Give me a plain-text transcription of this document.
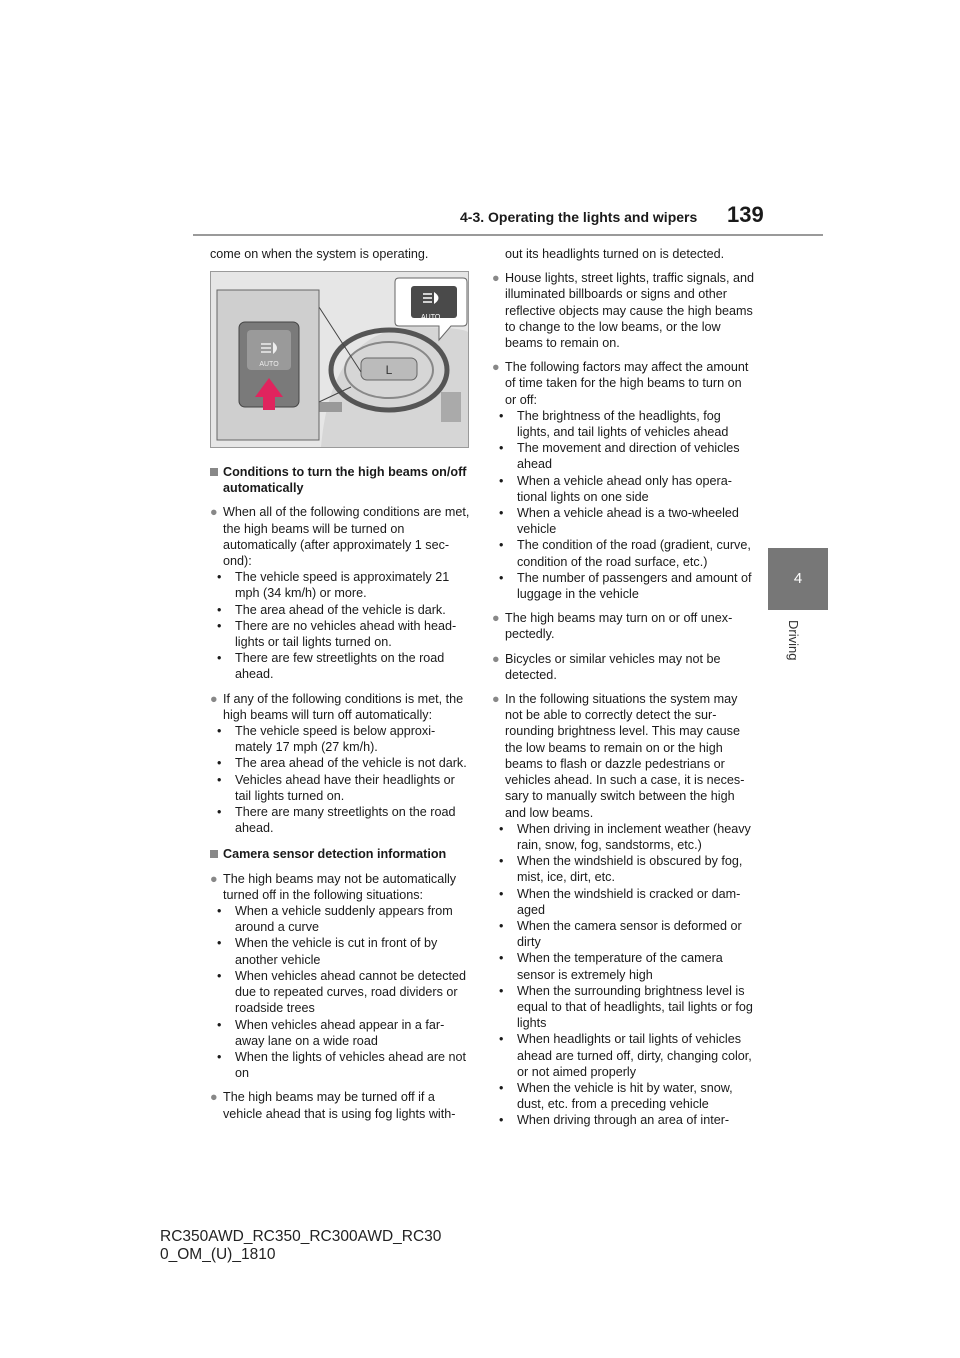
4-3. Operating the lights and wipers 139
4
Driving

come on when the system is operating.

L
AUTO
AUTO

Conditions to turn the high beams on/off automatically

● When all of the following conditions are met, the high beams will be turned on automatically (after approximately 1 sec-ond):

• The vehicle speed is approximately 21 mph (34 km/h) or more.

• The area ahead of the vehicle is dark.

• There are no vehicles ahead with head-lights or tail lights turned on.

• There are few streetlights on the road ahead.

● If any of the following conditions is met, the high beams will turn off automatically:

• The vehicle speed is below approxi-mately 17 mph (27 km/h).

• The area ahead of the vehicle is not dark.

• Vehicles ahead have their headlights or tail lights turned on.

• There are many streetlights on the road ahead.

Camera sensor detection information

● The high beams may not be automatically turned off in the following situations:

• When a vehicle suddenly appears from around a curve

• When the vehicle is cut in front of by another vehicle

• When vehicles ahead cannot be detected due to repeated curves, road dividers or roadside trees

• When vehicles ahead appear in a far-away lane on a wide road

• When the lights of vehicles ahead are not on

● The high beams may be turned off if a vehicle ahead that is using fog lights with-

out its headlights turned on is detected.

● House lights, street lights, traffic signals, and illuminated billboards or signs and other reflective objects may cause the high beams to change to the low beams, or the low beams to remain on.

● The following factors may affect the amount of time taken for the high beams to turn on or off:

• The brightness of the headlights, fog lights, and tail lights of vehicles ahead

• The movement and direction of vehicles ahead

• When a vehicle ahead only has opera-tional lights on one side

• When a vehicle ahead is a two-wheeled vehicle

• The condition of the road (gradient, curve, condition of the road surface, etc.)

• The number of passengers and amount of luggage in the vehicle

● The high beams may turn on or off unex-pectedly.

● Bicycles or similar vehicles may not be detected.

● In the following situations the system may not be able to correctly detect the sur-rounding brightness level. This may cause the low beams to remain on or the high beams to flash or dazzle pedestrians or vehicles ahead. In such a case, it is neces-sary to manually switch between the high and low beams.

• When driving in inclement weather (heavy rain, snow, fog, sandstorms, etc.)

• When the windshield is obscured by fog, mist, ice, dirt, etc.

• When the windshield is cracked or dam-aged

• When the camera sensor is deformed or dirty

• When the temperature of the camera sensor is extremely high

• When the surrounding brightness level is equal to that of headlights, tail lights or fog lights

• When headlights or tail lights of vehicles ahead are turned off, dirty, changing color, or not aimed properly

• When the vehicle is hit by water, snow, dust, etc. from a preceding vehicle

• When driving through an area of inter-

RC350AWD_RC350_RC300AWD_RC30
0_OM_(U)_1810
